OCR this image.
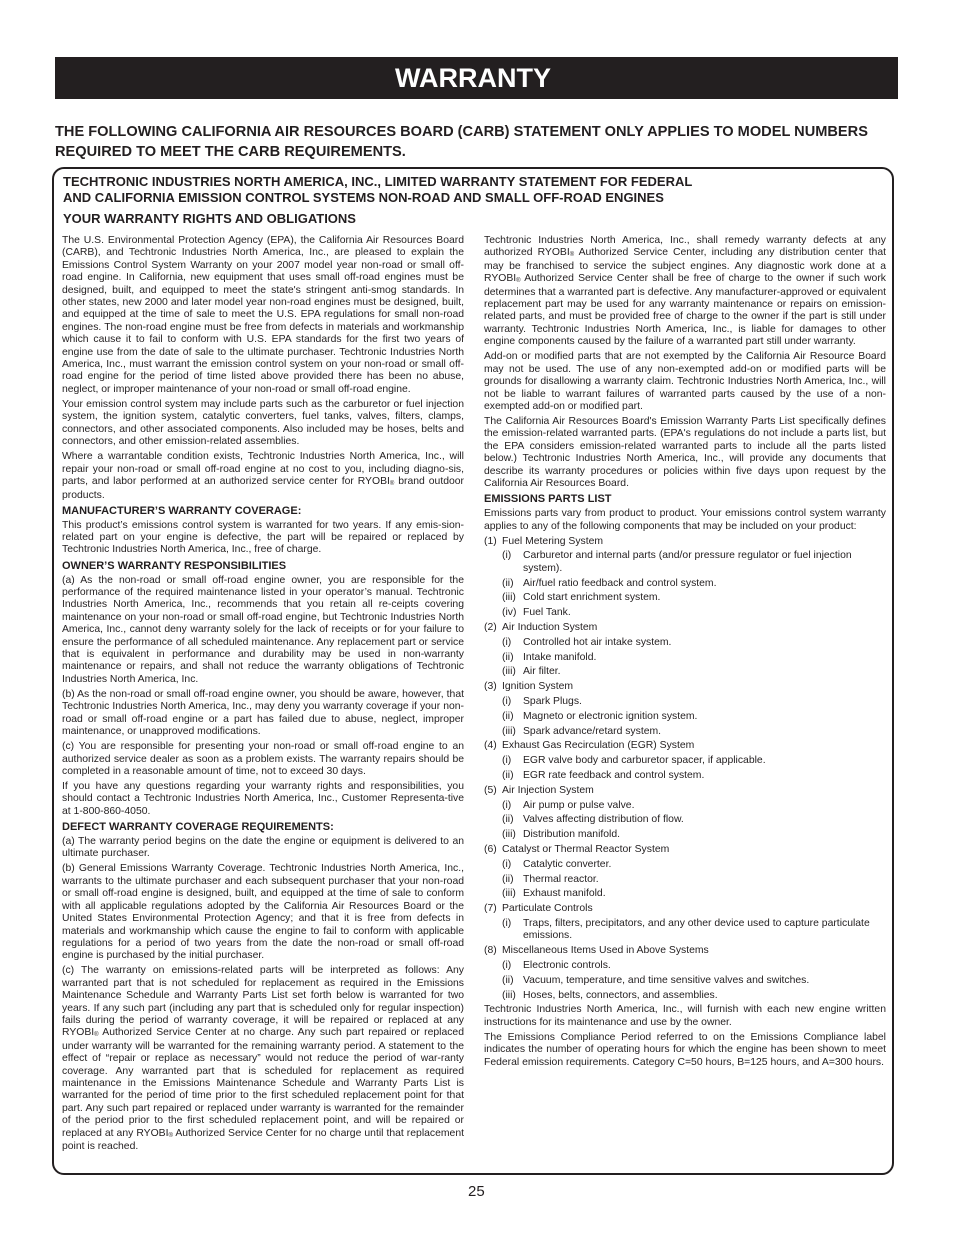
WARRANTY
THE FOLLOWING CALIFORNIA AIR RESOURCES BOARD (CARB) STATEMENT ONLY APPLIES TO MODEL NUMBERS
REQUIRED TO MEET THE CARB REQUIREMENTS.
TECHTRONIC INDUSTRIES NORTH AMERICA, INC., LIMITED WARRANTY STATEMENT FOR FEDERAL
AND CALIFORNIA EMISSION CONTROL SYSTEMS NON-ROAD AND SMALL OFF-ROAD ENGINES
YOUR WARRANTY RIGHTS AND OBLIGATIONS

The U.S. Environmental Protection Agency (EPA), the California Air Resources Board (CARB), and Techtronic Industries North America, Inc., are pleased to explain the Emissions Control System Warranty on your 2007 model year non-road or small off-road engine. In California, new equipment that uses small off-road engines must be designed, built, and equipped to meet the state's stringent anti-smog standards. In other states, new 2000 and later model year non-road engines must be designed, built, and equipped at the time of sale to meet the U.S. EPA regulations for small non-road engines. The non-road engine must be free from defects in materials and workmanship which cause it to fail to conform with U.S. EPA standards for the first two years of engine use from the date of sale to the ultimate purchaser. Techtronic Industries North America, Inc., must warrant the emission control system on your non-road or small off-road engine for the period of time listed above provided there has been no abuse, neglect, or improper maintenance of your non-road or small off-road engine.

Your emission control system may include parts such as the carburetor or fuel injection system, the ignition system, catalytic converters, fuel tanks, valves, filters, clamps, connectors, and other associated components. Also included may be hoses, belts and connectors, and other emission-related assemblies.

Where a warrantable condition exists, Techtronic Industries North America, Inc., will repair your non-road or small off-road engine at no cost to you, including diagno-sis, parts, and labor performed at an authorized service center for RYOBI® brand outdoor products.

MANUFACTURER’S WARRANTY COVERAGE:

This product’s emissions control system is warranted for two years. If any emis-sion-related part on your engine is defective, the part will be repaired or replaced by Techtronic Industries North America, Inc., free of charge.

OWNER’S WARRANTY RESPONSIBILITIES

(a) As the non-road or small off-road engine owner, you are responsible for the performance of the required maintenance listed in your operator’s manual. Techtronic Industries North America, Inc., recommends that you retain all re-ceipts covering maintenance on your non-road or small off-road engine, but Techtronic Industries North America, Inc., cannot deny warranty solely for the lack of receipts or for your failure to ensure the performance of all scheduled maintenance. Any replacement part or service that is equivalent in performance and durability may be used in non-warranty maintenance or repairs, and shall not reduce the warranty obligations of Techtronic Industries North America, Inc.

(b) As the non-road or small off-road engine owner, you should be aware, however, that Techtronic Industries North America, Inc., may deny you warranty coverage if your non-road or small off-road engine or a part has failed due to abuse, neglect, improper maintenance, or unapproved modifications.

(c) You are responsible for presenting your non-road or small off-road engine to an authorized service dealer as soon as a problem exists. The warranty repairs should be completed in a reasonable amount of time, not to exceed 30 days.

If you have any questions regarding your warranty rights and responsibilities, you should contact a Techtronic Industries North America, Inc., Customer Representa-tive at 1-800-860-4050.

DEFECT WARRANTY COVERAGE REQUIREMENTS:

(a) The warranty period begins on the date the engine or equipment is delivered to an ultimate purchaser.

(b) General Emissions Warranty Coverage. Techtronic Industries North America, Inc., warrants to the ultimate purchaser and each subsequent purchaser that your non-road or small off-road engine is designed, built, and equipped at the time of sale to conform with all applicable regulations adopted by the California Air Resources Board or the United States Environmental Protection Agency; and that it is free from defects in materials and workmanship which cause the engine to fail to conform with applicable regulations for a period of two years from the date the non-road or small off-road engine is purchased by the initial purchaser.

(c) The warranty on emissions-related parts will be interpreted as follows: Any warranted part that is not scheduled for replacement as required in the Emissions Maintenance Schedule and Warranty Parts List set forth below is warranted for two years. If any such part (including any part that is scheduled only for regular inspection) fails during the period of warranty coverage, it will be repaired or replaced at any RYOBI® Authorized Service Center at no charge. Any such part repaired or replaced under warranty will be warranted for the remaining warranty period. A statement to the effect of “repair or replace as necessary” would not reduce the period of war-ranty coverage. Any warranted part that is scheduled for replacement as required maintenance in the Emissions Maintenance Schedule and Warranty Parts List is warranted for the period of time prior to the first scheduled replacement point for that part. Any such part repaired or replaced under warranty is warranted for the remainder of the period prior to the first scheduled replacement point, and will be repaired or replaced at any RYOBI® Authorized Service Center for no charge until that replacement point is reached.

Techtronic Industries North America, Inc., shall remedy warranty defects at any authorized RYOBI® Authorized Service Center, including any distribution center that may be franchised to service the subject engines. Any diagnostic work done at a RYOBI® Authorized Service Center shall be free of charge to the owner if such work determines that a warranted part is defective. Any manufacturer-approved or equivalent replacement part may be used for any warranty maintenance or repairs on emission-related parts, and must be provided free of charge to the owner if the part is still under warranty. Techtronic Industries North America, Inc., is liable for damages to other engine components caused by the failure of a warranted part still under warranty.

Add-on or modified parts that are not exempted by the California Air Resource Board may not be used. The use of any non-exempted add-on or modified parts will be grounds for disallowing a warranty claim. Techtronic Industries North America, Inc., will not be liable to warrant failures of warranted parts caused by the use of a non-exempted add-on or modified part.

The California Air Resources Board's Emission Warranty Parts List specifically defines the emission-related warranted parts. (EPA's regulations do not include a parts list, but the EPA considers emission-related warranted parts to include all the parts listed below.) Techtronic Industries North America, Inc., will provide any documents that describe its warranty procedures or policies within five days upon request by the California Air Resources Board.

EMISSIONS PARTS LIST

Emissions parts vary from product to product. Your emissions control system warranty applies to any of the following components that may be included on your product:

(1) Fuel Metering System
(i) Carburetor and internal parts (and/or pressure regulator or fuel injection system).
(ii) Air/fuel ratio feedback and control system.
(iii) Cold start enrichment system.
(iv) Fuel Tank.
(2) Air Induction System
(i) Controlled hot air intake system.
(ii) Intake manifold.
(iii) Air filter.
(3) Ignition System
(i) Spark Plugs.
(ii) Magneto or electronic ignition system.
(iii) Spark advance/retard system.
(4) Exhaust Gas Recirculation (EGR) System
(i) EGR valve body and carburetor spacer, if applicable.
(ii) EGR rate feedback and control system.
(5) Air Injection System
(i) Air pump or pulse valve.
(ii) Valves affecting distribution of flow.
(iii) Distribution manifold.
(6) Catalyst or Thermal Reactor System
(i) Catalytic converter.
(ii) Thermal reactor.
(iii) Exhaust manifold.
(7) Particulate Controls
(i) Traps, filters, precipitators, and any other device used to capture particulate emissions.
(8) Miscellaneous Items Used in Above Systems
(i) Electronic controls.
(ii) Vacuum, temperature, and time sensitive valves and switches.
(iii) Hoses, belts, connectors, and assemblies.

Techtronic Industries North America, Inc., will furnish with each new engine written instructions for its maintenance and use by the owner.

The Emissions Compliance Period referred to on the Emissions Compliance label indicates the number of operating hours for which the engine has been shown to meet Federal emission requirements. Category C=50 hours, B=125 hours, and A=300 hours.

25
